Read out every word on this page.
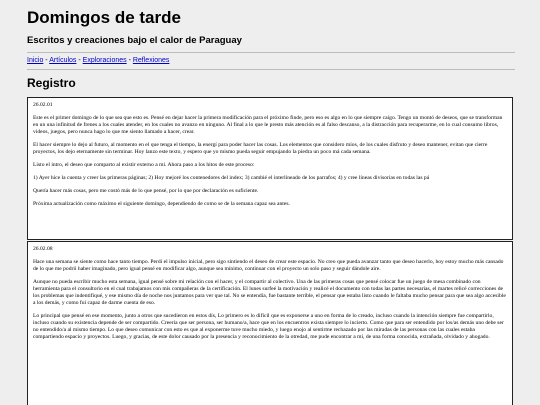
Domingos de tarde
Escritos y creaciones bajo el calor de Paraguay
Inicio - Artículos - Exploraciones - Reflexiones
Registro

26.02.01

Este es el primer domingo de lo que sea que esto es. Pensé en dejar hacer la primera modificación para el próximo finde, pero eso es algo en lo que siempre caigo. Tengo un montó de deseos, que se transforman en un una infinitud de frenes a los cuales atender, en los cuales no avanzo en ninguno. Al final a lo que le presto más atención es al falso descanso, a la distracción para recuperarme, en lo cual consumo libros, videos, juegos, pero nunca hago lo que me siento llamado a hacer, crear.

El hacer siempre lo dejo al futuro, al momento en el que tenga el tiempo, la energí para poder hacer las cosas. Los elementos que considero míos, de los cuales disfruto y deseo mantener, evitan que cierre proyectos, los dejo eternamente sin terminar. Hoy lanzo este texto, y espero que yo mismo pueda seguir empujando la piedra un poco má cada semana.

Listo el intro, el deseo que comparto al existir externo a mí. Ahora paso a los hitos de este proceso:

1) Ayer hice la cuenta y creer las primeras páginas; 2) Hoy mejoré los contenedores del index; 3) cambié el interlineado de los parrafos; 4) y cree líneas divisorias en todas las pá

Quería hacer más cosas, pero me costó más de lo que pensé, por lo que por declaración es suficiente.

Próxima actualización como máximo el siguiente domingo, dependiendo de como se de la semana capaz sea antes.

26.02.08

Hace una semana se siente como hace tanto tiempo. Perdí el impulso inicial, pero sigo sintiendo el deseo de crear este espacio. No creo que pueda avanzar tanto que deseo hacerlo, hoy estoy mucho más cansado de lo que me podrii haber imaginado, pero igual pensé en modificar algo, aunque sea mínimo, continuar con el proyecto un solo paso y seguir dándole aire.

Aunque no pueda escribir mucho esta semana, igual pensé sobre mi relación con el hacer, y el compartir al colectivo. Una de las primeras cosas que pensé colocar fue un juego de mesa combinado con herramienta para el consultorio en el cual trabajamos con mis compañeras de la certificación. El lunes surfeé la motivación y realicé el documento con todas las partes necesarias, el martes relicé correcciones de los problemas que indentifiqué, y ese mismo día de noche nos juntamos para ver que tal. No se entendía, fue bastante terrible, el pensar que estaba listo cuando le faltaba mucho pensar para que sea algo accesible a los demás, y como fui capaz de darme cuenta de eso.

Lo principal que pensé en ese momento, junto a otros que sucedieron en estos dís, Lo primero es lo difícil que es exponerse a uno en forma de lo creado, incluso cuando la intención siempre fue compartirlo, incluso cuando su existencia depende de ser compartido. Creería que ser persona, ser humano/a, hace que en los encuentros exista siempre lo incierto. Como que para ser entendido por los/as demás uno debe ser no entendido/a al mismo tiempo. Lo que deseo comunicar con esto es que al exponerme tuve mucho miedo, y luego enojo al sentirme rechazado por las miradas de las personas con las cuales estaba compartiendo espacio y proyectos. Luego, y gracias, de este dolor causado por la presencia y reconocimiento de la otredad, me pude encontrar a mí, de una forma conocida, extrañada, olvidado y ahogado.
